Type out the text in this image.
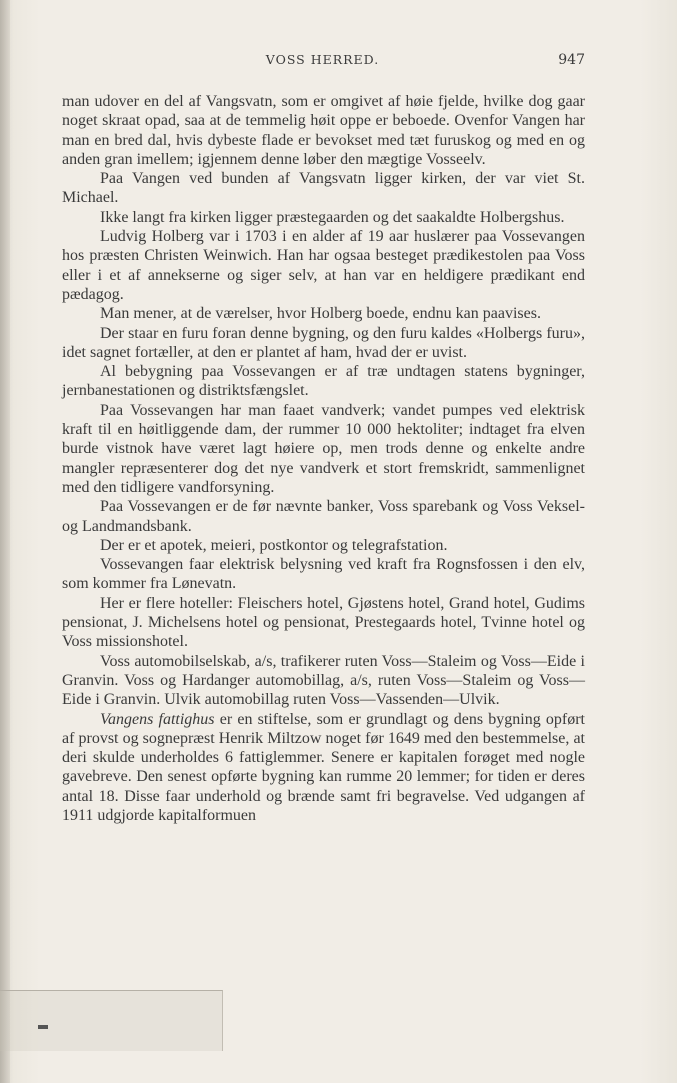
VOSS HERRED.	947

man udover en del af Vangsvatn, som er omgivet af høie fjelde, hvilke dog gaar noget skraat opad, saa at de temmelig høit oppe er beboede. Ovenfor Vangen har man en bred dal, hvis dybeste flade er bevokset med tæt furuskog og med en og anden gran imellem; igjennem denne løber den mægtige Vosseelv.

Paa Vangen ved bunden af Vangsvatn ligger kirken, der var viet St. Michael.

Ikke langt fra kirken ligger præstegaarden og det saakaldte Holbergshus.

Ludvig Holberg var i 1703 i en alder af 19 aar huslærer paa Vossevangen hos præsten Christen Weinwich. Han har ogsaa besteget prædikestolen paa Voss eller i et af annekserne og siger selv, at han var en heldigere prædikant end pædagog.

Man mener, at de værelser, hvor Holberg boede, endnu kan paavises.

Der staar en furu foran denne bygning, og den furu kaldes «Holbergs furu», idet sagnet fortæller, at den er plantet af ham, hvad der er uvist.

Al bebygning paa Vossevangen er af træ undtagen statens bygninger, jernbanestationen og distriktsfængslet.

Paa Vossevangen har man faaet vandverk; vandet pumpes ved elektrisk kraft til en høitliggende dam, der rummer 10 000 hektoliter; indtaget fra elven burde vistnok have været lagt høiere op, men trods denne og enkelte andre mangler repræsenterer dog det nye vandverk et stort fremskridt, sammenlignet med den tidligere vandforsyning.

Paa Vossevangen er de før nævnte banker, Voss sparebank og Voss Veksel- og Landmandsbank.

Der er et apotek, meieri, postkontor og telegrafstation.

Vossevangen faar elektrisk belysning ved kraft fra Rognsfossen i den elv, som kommer fra Lønevatn.

Her er flere hoteller: Fleischers hotel, Gjøstens hotel, Grand hotel, Gudims pensionat, J. Michelsens hotel og pensionat, Prestegaards hotel, Tvinne hotel og Voss missionshotel.

Voss automobilselskab, a/s, trafikerer ruten Voss—Staleim og Voss—Eide i Granvin. Voss og Hardanger automobillag, a/s, ruten Voss—Staleim og Voss—Eide i Granvin. Ulvik automobillag ruten Voss—Vassenden—Ulvik.

Vangens fattighus er en stiftelse, som er grundlagt og dens bygning opført af provst og sognepræst Henrik Miltzow noget før 1649 med den bestemmelse, at deri skulde underholdes 6 fattiglemmer. Senere er kapitalen forøget med nogle gavebreve. Den senest opførte bygning kan rumme 20 lemmer; for tiden er deres antal 18. Disse faar underhold og brænde samt fri begravelse. Ved udgangen af 1911 udgjorde kapitalformuen
